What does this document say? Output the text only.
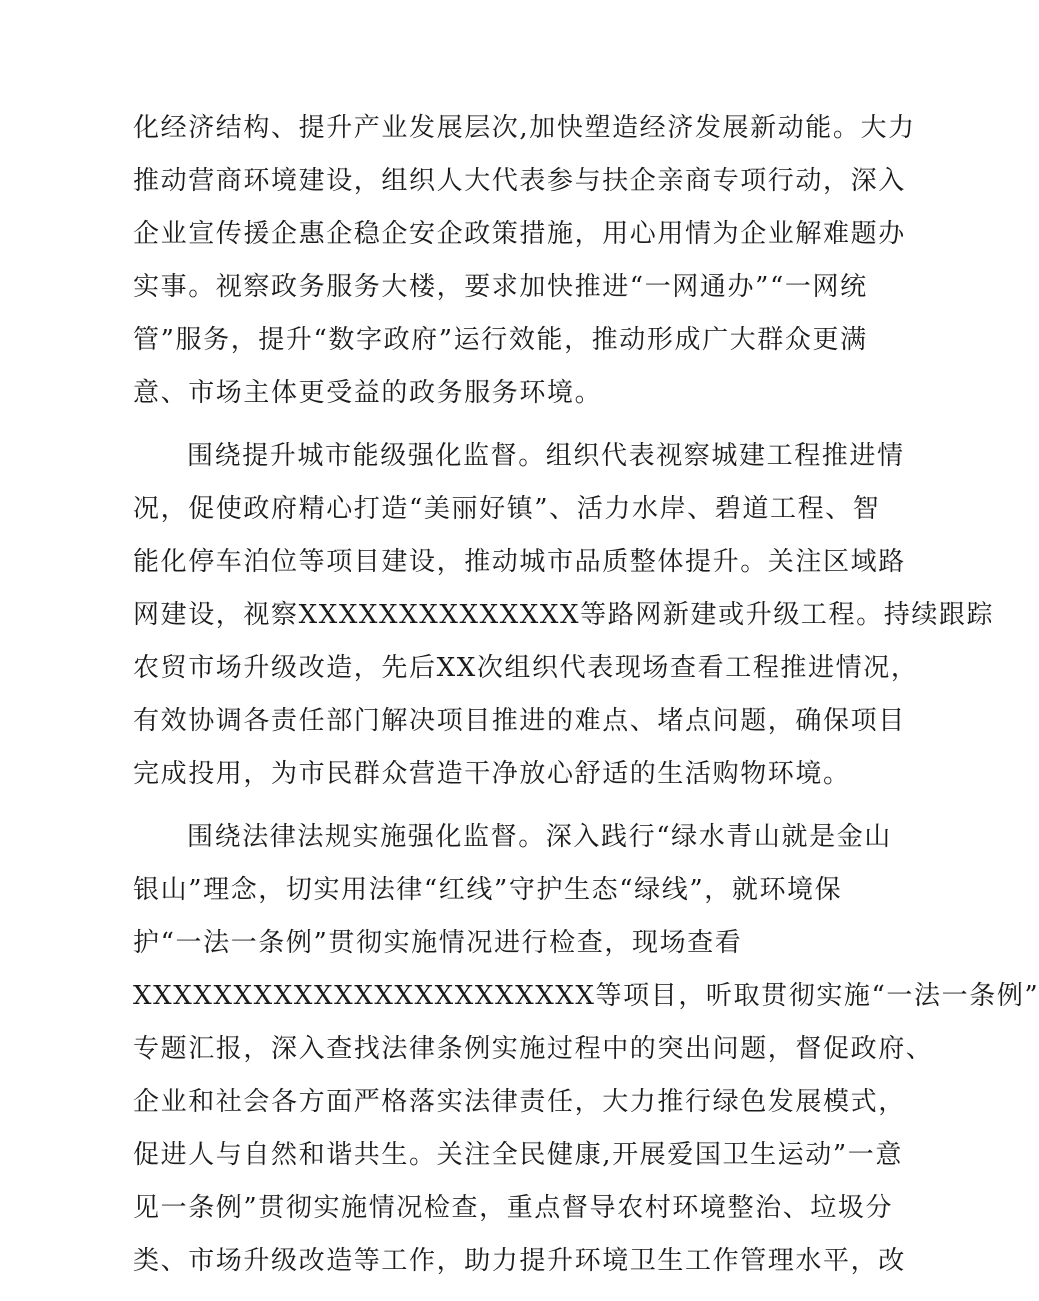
化经济结构、提升产业发展层次,加快塑造经济发展新动能。大力
推动营商环境建设，组织人大代表参与扶企亲商专项行动，深入
企业宣传援企惠企稳企安企政策措施，用心用情为企业解难题办
实事。视察政务服务大楼，要求加快推进“一网通办”“一网统
管”服务，提升“数字政府”运行效能，推动形成广大群众更满
意、市场主体更受益的政务服务环境。
围绕提升城市能级强化监督。组织代表视察城建工程推进情
况，促使政府精心打造“美丽好镇”、活力水岸、碧道工程、智
能化停车泊位等项目建设，推动城市品质整体提升。关注区域路
网建设，视察XXXXXXXXXXXXXX等路网新建或升级工程。持续跟踪
农贸市场升级改造，先后XX次组织代表现场查看工程推进情况，
有效协调各责任部门解决项目推进的难点、堵点问题，确保项目
完成投用，为市民群众营造干净放心舒适的生活购物环境。
围绕法律法规实施强化监督。深入践行“绿水青山就是金山
银山”理念，切实用法律“红线”守护生态“绿线”，就环境保
护“一法一条例”贯彻实施情况进行检查，现场查看
XXXXXXXXXXXXXXXXXXXXXXX等项目，听取贯彻实施“一法一条例”
专题汇报，深入查找法律条例实施过程中的突出问题，督促政府、
企业和社会各方面严格落实法律责任，大力推行绿色发展模式，
促进人与自然和谐共生。关注全民健康,开展爱国卫生运动”一意
见一条例”贯彻实施情况检查，重点督导农村环境整治、垃圾分
类、市场升级改造等工作，助力提升环境卫生工作管理水平，改
